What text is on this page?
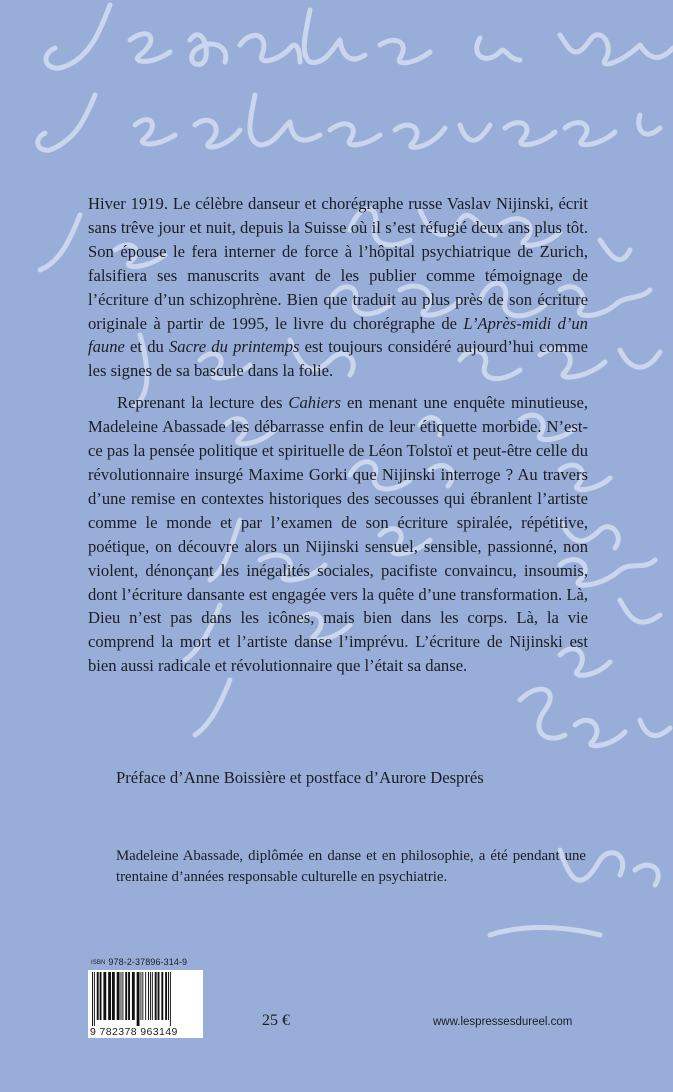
Hiver 1919. Le célèbre danseur et chorégraphe russe Vaslav Nijinski, écrit sans trêve jour et nuit, depuis la Suisse où il s’est réfugié deux ans plus tôt. Son épouse le fera interner de force à l’hôpital psychiatrique de Zurich, falsifiera ses manuscrits avant de les publier comme témoignage de l’écriture d’un schizophrène. Bien que traduit au plus près de son écriture originale à partir de 1995, le livre du chorégraphe de L’Après-midi d’un faune et du Sacre du printemps est toujours considéré aujourd’hui comme les signes de sa bascule dans la folie.

Reprenant la lecture des Cahiers en menant une enquête minutieuse, Madeleine Abassade les débarrasse enfin de leur étiquette morbide. N’est-ce pas la pensée politique et spirituelle de Léon Tolstoï et peut-être celle du révolutionnaire insurgé Maxime Gorki que Nijinski interroge ? Au travers d’une remise en contextes historiques des secousses qui ébranlent l’artiste comme le monde et par l’examen de son écriture spiralée, répétitive, poétique, on découvre alors un Nijinski sensuel, sensible, passionné, non violent, dénonçant les inégalités sociales, pacifiste convaincu, insoumis, dont l’écriture dansante est engagée vers la quête d’une transformation. Là, Dieu n’est pas dans les icônes, mais bien dans les corps. Là, la vie comprend la mort et l’artiste danse l’imprévu. L’écriture de Nijinski est bien aussi radicale et révolutionnaire que l’était sa danse.

Préface d’Anne Boissière et postface d’Aurore Després
Madeleine Abassade, diplômée en danse et en philosophie, a été pendant une trentaine d’années responsable culturelle en psychiatrie.
ISBN 978-2-37896-314-9
9 782378 963149
25 €	www.lespressesdureel.com
